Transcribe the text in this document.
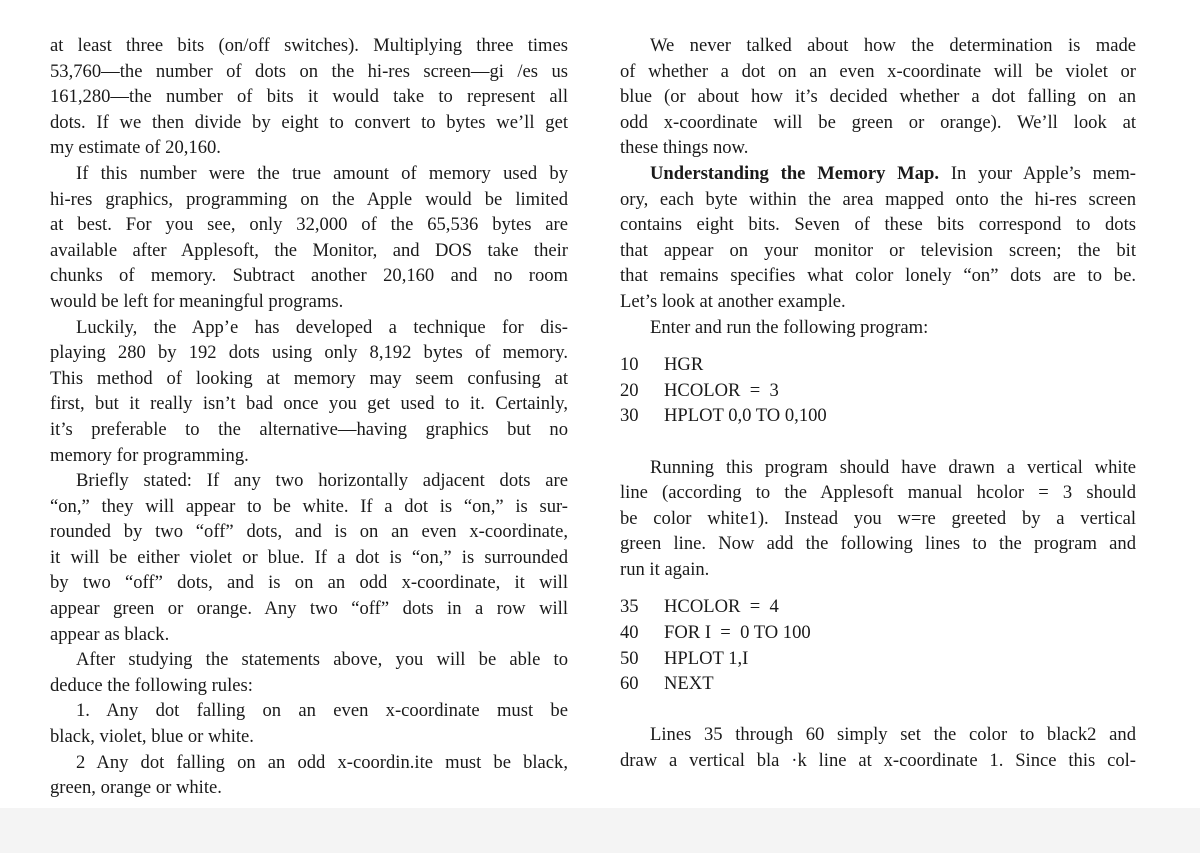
at least three bits (on/off switches). Multiplying three times
53,760—the number of dots on the hi-res screen—gi /es us
161,280—the number of bits it would take to represent all
dots. If we then divide by eight to convert to bytes we’ll get
my estimate of 20,160.
If this number were the true amount of memory used by
hi-res graphics, programming on the Apple would be limited
at best. For you see, only 32,000 of the 65,536 bytes are
available after Applesoft, the Monitor, and DOS take their
chunks of memory. Subtract another 20,160 and no room
would be left for meaningful programs.
Luckily, the App’e has developed a technique for dis-
playing 280 by 192 dots using only 8,192 bytes of memory.
This method of looking at memory may seem confusing at
first, but it really isn’t bad once you get used to it. Certainly,
it’s preferable to the alternative—having graphics but no
memory for programming.
Briefly stated: If any two horizontally adjacent dots are
“on,” they will appear to be white. If a dot is “on,” is sur-
rounded by two “off” dots, and is on an even x-coordinate,
it will be either violet or blue. If a dot is “on,” is surrounded
by two “off” dots, and is on an odd x-coordinate, it will
appear green or orange. Any two “off” dots in a row will
appear as black.
After studying the statements above, you will be able to
deduce the following rules:
1. Any dot falling on an even x-coordinate must be
black, violet, blue or white.
2 Any dot falling on an odd x-coordin.ite must be black,
green, orange or white.
We never talked about how the determination is made
of whether a dot on an even x-coordinate will be violet or
blue (or about how it’s decided whether a dot falling on an
odd x-coordinate will be green or orange). We’ll look at
these things now.
Understanding the Memory Map. In your Apple’s mem-
ory, eаch byte within the area mapped onto the hi-res screen
contains eight bits. Seven of these bits correspond to dots
that appear on your monitor or television screen; the bit
that remains specifies what color lonely “on” dots are to be.
Let’s look at another example.
Enter and run the following program:
10 HGR
20 HCOLOR  =  3
30 HPLOT 0,0 TO 0,100
Running this program should have drawn a vertical white
line (according to the Applesoft manual hcolor = 3 should
be color white1). Instead you w=re greeted by a vertical
green line. Now add the following lines to the program and
run it again.
35 HCOLOR  =  4
40 FOR I  =  0 TO 100
50 HPLOT 1,I
60 NEXT
Lines 35 through 60 simply set the color to black2 and
draw a vertical bla ·k line at x-coordinate 1. Since this col-
